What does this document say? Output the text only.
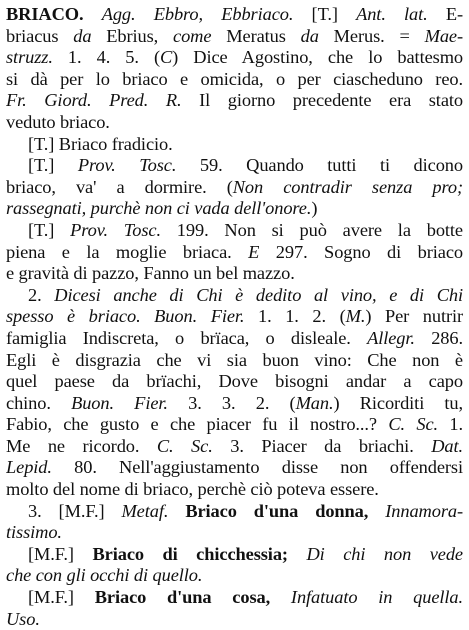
BRIACO. Agg. Ebbro, Ebbriaco. [T.] Ant. lat. E-
briacus da Ebrius, come Meratus da Merus. = Mae-
struzz. 1. 4. 5. (C) Dice Agostino, che lo battesmo
si dà per lo briaco e omicida, o per ciascheduno reo.
Fr. Giord. Pred. R. Il giorno precedente era stato
veduto briaco.
[T.] Briaco fradicio.
[T.] Prov. Tosc. 59. Quando tutti ti dicono
briaco, va' a dormire. (Non contradir senza pro;
rassegnati, purchè non ci vada dell'onore.)
[T.] Prov. Tosc. 199. Non si può avere la botte
piena e la moglie briaca. E 297. Sogno di briaco
e gravità di pazzo, Fanno un bel mazzo.
2. Dicesi anche di Chi è dedito al vino, e di Chi
spesso è briaco. Buon. Fier. 1. 1. 2. (M.) Per nutrir
famiglia Indiscreta, o brïaca, o disleale. Allegr. 286.
Egli è disgrazia che vi sia buon vino: Che non è
quel paese da brïachi, Dove bisogni andar a capo
chino. Buon. Fier. 3. 3. 2. (Man.) Ricorditi tu,
Fabio, che gusto e che piacer fu il nostro...? C. Sc. 1.
Me ne ricordo. C. Sc. 3. Piacer da briachi. Dat.
Lepid. 80. Nell'aggiustamento disse non offendersi
molto del nome di briaco, perchè ciò poteva essere.
3. [M.F.] Metaf. Briaco d'una donna, Innamora-
tissimo.
[M.F.] Briaco di chicchessia; Di chi non vede
che con gli occhi di quello.
[M.F.] Briaco d'una cosa, Infatuato in quella.
Uso.
